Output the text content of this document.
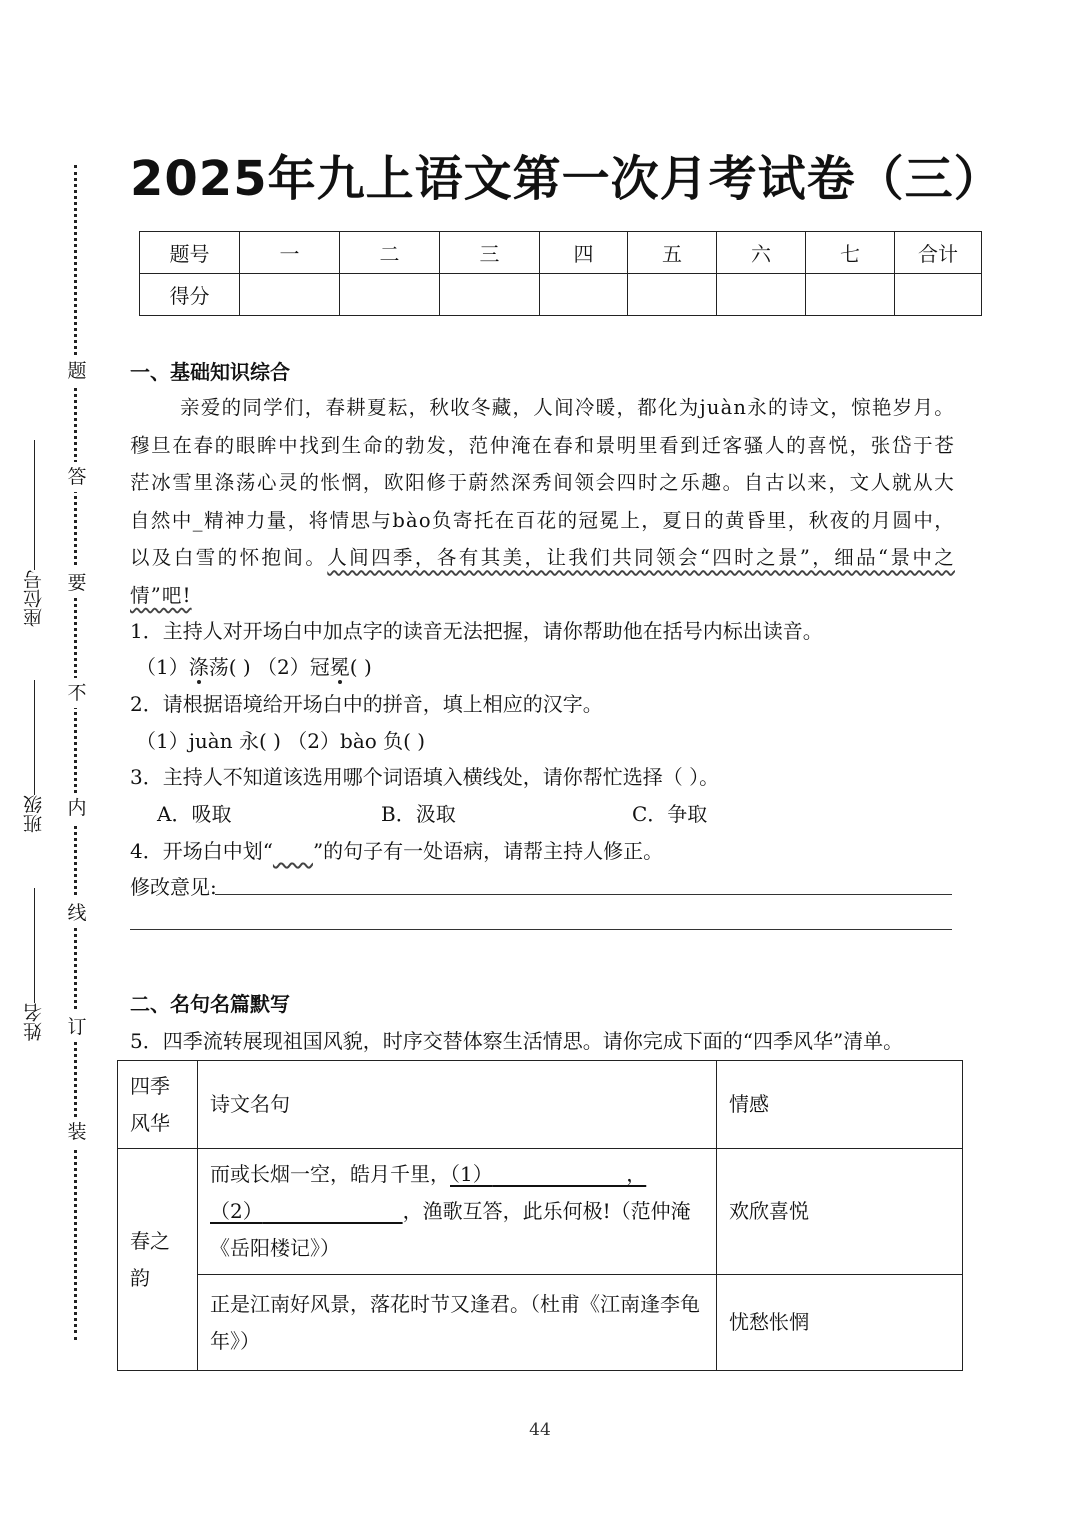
题
答
要
不
内
线
订
装
座位号
班级
姓名
2025年九上语文第一次月考试卷（三）
题号	一	二	三	四	五	六	七	合计
得分								
一、基础知识综合
亲爱的同学们，春耕夏耘，秋收冬藏，人间冷暖，都化为juàn永的诗文，惊艳岁月。穆旦在春的眼眸中找到生命的勃发，范仲淹在春和景明里看到迁客骚人的喜悦，张岱于苍茫冰雪里涤荡心灵的怅惘，欧阳修于蔚然深秀间领会四时之乐趣。自古以来，文人就从大自然中_精神力量，将情思与bào负寄托在百花的冠冕上，夏日的黄昏里，秋夜的月圆中，以及白雪的怀抱间。人间四季，各有其美，让我们共同领会“四时之景”，细品“景中之情”吧!
1．主持人对开场白中加点字的读音无法把握，请你帮助他在括号内标出读音。
（1）涤荡( ) （2）冠冕( )
2．请根据语境给开场白中的拼音，填上相应的汉字。
（1）juàn 永( ) （2）bào 负( )
3．主持人不知道该选用哪个词语填入横线处，请你帮忙选择（ ）。
A．吸取	B．汲取	C．争取
4．开场白中划“____”的句子有一处语病，请帮主持人修正。
修改意见:
二、名句名篇默写
5．四季流转展现祖国风貌，时序交替体察生活情思。请你完成下面的“四季风华”清单。
四季风华	诗文名句	情感
春之韵	而或长烟一空，皓月千里，（1）                     ，（2） ，渔歌互答，此乐何极!（范仲淹《岳阳楼记》）	欢欣喜悦
	正是江南好风景，落花时节又逢君。（杜甫《江南逢李龟年》）	忧愁怅惘
44
